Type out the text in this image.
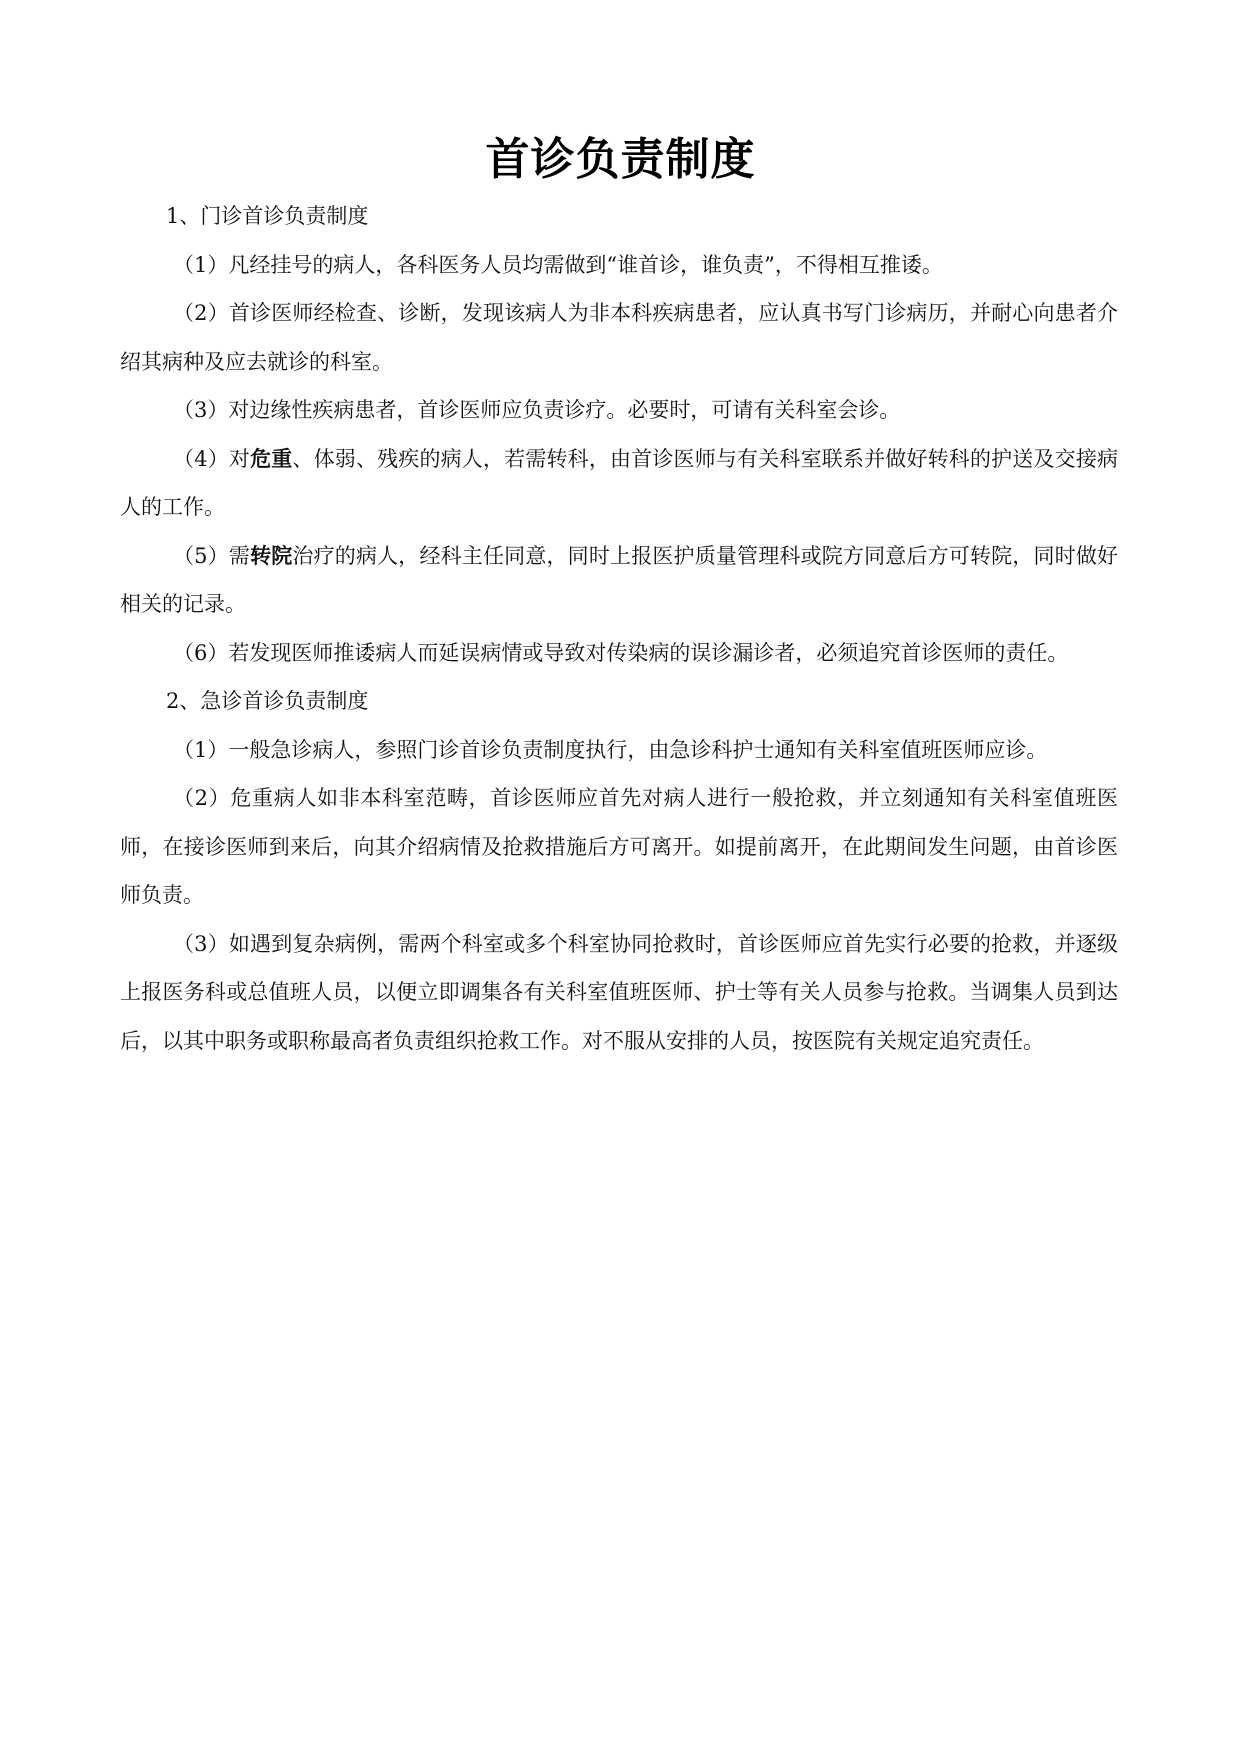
首诊负责制度

1、门诊首诊负责制度

（1）凡经挂号的病人，各科医务人员均需做到“谁首诊，谁负责”，不得相互推诿。

（2）首诊医师经检查、诊断，发现该病人为非本科疾病患者，应认真书写门诊病历，并耐心向患者介绍其病种及应去就诊的科室。

（3）对边缘性疾病患者，首诊医师应负责诊疗。必要时，可请有关科室会诊。

（4）对危重、体弱、残疾的病人，若需转科，由首诊医师与有关科室联系并做好转科的护送及交接病人的工作。

（5）需转院治疗的病人，经科主任同意，同时上报医护质量管理科或院方同意后方可转院，同时做好相关的记录。

（6）若发现医师推诿病人而延误病情或导致对传染病的误诊漏诊者，必须追究首诊医师的责任。

2、急诊首诊负责制度

（1）一般急诊病人，参照门诊首诊负责制度执行，由急诊科护士通知有关科室值班医师应诊。

（2）危重病人如非本科室范畴，首诊医师应首先对病人进行一般抢救，并立刻通知有关科室值班医师，在接诊医师到来后，向其介绍病情及抢救措施后方可离开。如提前离开，在此期间发生问题，由首诊医师负责。

（3）如遇到复杂病例，需两个科室或多个科室协同抢救时，首诊医师应首先实行必要的抢救，并逐级上报医务科或总值班人员，以便立即调集各有关科室值班医师、护士等有关人员参与抢救。当调集人员到达后，以其中职务或职称最高者负责组织抢救工作。对不服从安排的人员，按医院有关规定追究责任。
